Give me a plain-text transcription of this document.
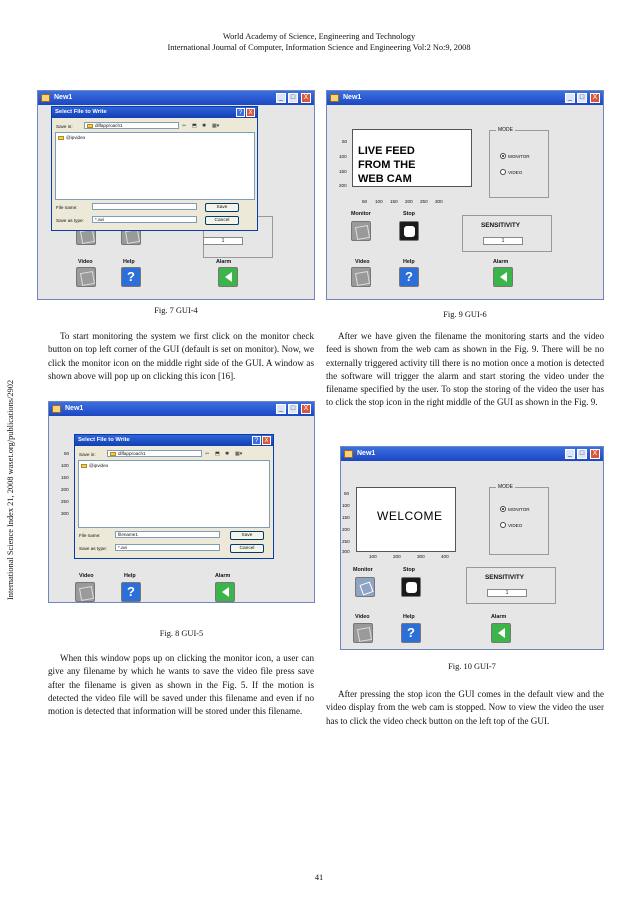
World Academy of Science, Engineering and Technology
International Journal of Computer, Information Science and Engineering Vol:2 No:9, 2008
International Science Index 21, 2008 waset.org/publications/2902
New1	_	□	X
1
Video	Help	Alarm
?
Select File to Write	?	X
Save in:	dllfapproach1	⇦	⬒ ✱	▦▾
@ipvideo
File name:	Save
Save as type:	*.avi	Cancel
Fig. 7 GUI-4
New1	_	□	X
LIVE FEED
FROM THE
WEB CAM
50
100
150
200
50 100 150 200 250 300
MODE
MONITOR
VIDEO
SENSITIVITY
1
Monitor	Stop
Video	Help	Alarm
?
Fig. 9 GUI-6
To start monitoring the system we first click on the monitor check button on top left corner of the GUI (default is set on monitor). Now, we click the monitor icon on the middle right side of the GUI. A window as shown above will pop up on clicking this icon [16].
After we have given the filename the monitoring starts and the video feed is shown from the web cam as shown in the Fig. 9. There will be no externally triggered activity till there is no motion once a motion is detected the software will trigger the alarm and start storing the video under the filename specified by the user. To stop the storing of the video the user has to click the stop icon in the right middle of the GUI as shown in the Fig. 9.
New1	_	□	X
50
100
150
200
250
300
Video	Help	Alarm
?
Select File to Write	?	X
Save in:	dllfapproach1	⇦	⬒ ✱	▦▾
@ipvideo
File name:	filename1	Save
Save as type:	*.avi	Cancel
Fig. 8 GUI-5
New1	_	□	X
WELCOME
50
100
150
200
250
300
100	200	300	400
MODE
MONITOR
VIDEO
SENSITIVITY
1
Monitor	Stop
Video	Help	Alarm
?
Fig. 10 GUI-7
When this window pops up on clicking the monitor icon, a user can give any filename by which he wants to save the video file press save after the filename is given as shown in the Fig. 5. If the motion is detected the video file will be saved under this filename and even if no motion is detected that information will be stored under this filename.
After pressing the stop icon the GUI comes in the default view and the video display from the web cam is stopped. Now to view the video the user has to click the video check button on the left top of the GUI.
41
